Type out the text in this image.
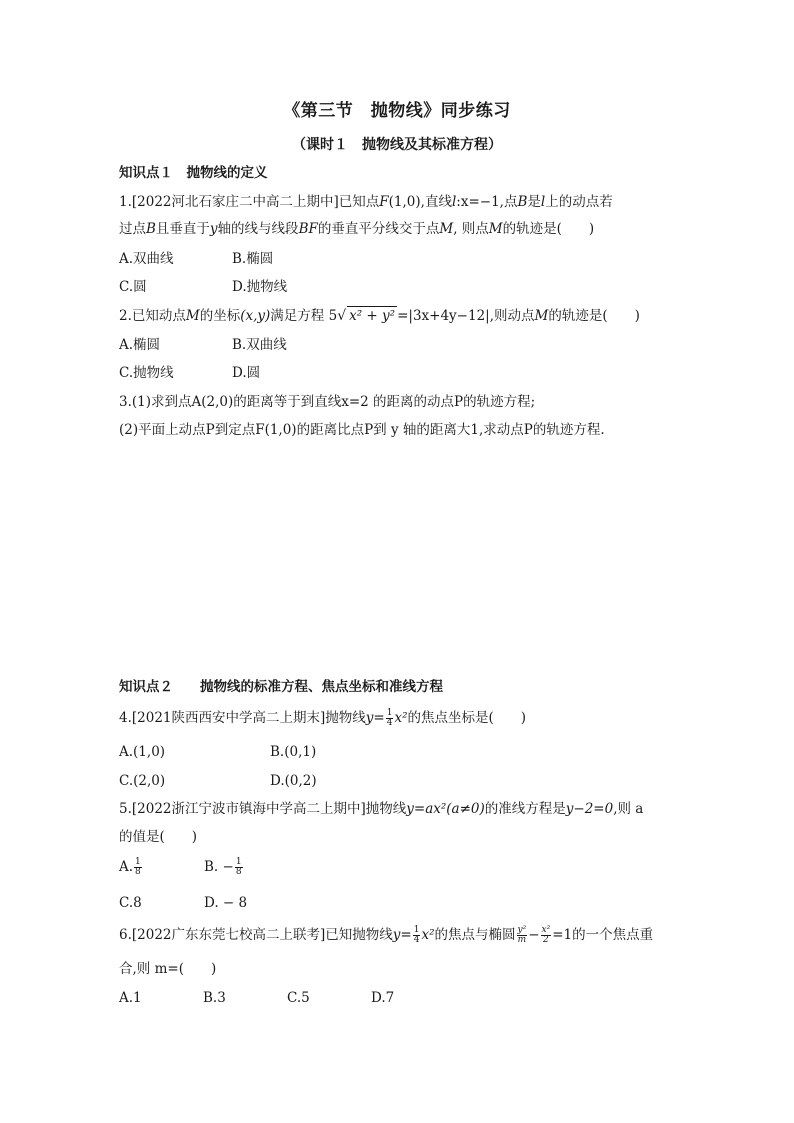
《第三节　抛物线》同步练习
（课时１　抛物线及其标准方程）
知识点１　抛物线的定义
1.[2022河北石家庄二中高二上期中]已知点F(1,0),直线l:x=−1,点B是l上的动点若
过点B且垂直于y轴的线与线段BF的垂直平分线交于点M, 则点M的轨迹是(　　)
A.双曲线	B.椭圆
C.圆	D.抛物线
2.已知动点M的坐标(x,y)满足方程 5√ x² + y² =|3x+4y−12|,则动点M的轨迹是(　　)
A.椭圆	B.双曲线
C.抛物线	D.圆
3.(1)求到点A(2,0)的距离等于到直线x=2 的距离的动点P的轨迹方程;
(2)平面上动点P到定点F(1,0)的距离比点P到 y 轴的距离大1,求动点P的轨迹方程.
知识点２　　抛物线的标准方程、焦点坐标和准线方程
4.[2021陕西西安中学高二上期末]抛物线$y= \frac{1}{4} x^2$的焦点坐标是(　　)
A.(1,0)	B.(0,1)
C.(2,0)	D.(0,2)
5.[2022浙江宁波市镇海中学高二上期中]抛物线y=ax²(a≠0)的准线方程是y−2=0,则 a
的值是(　　)
A. $\frac{1}{8}$	B. − $\frac{1}{8}$
C.8	D. − 8
6.[2022广东东莞七校高二上联考]已知抛物线$y= \frac{1}{4} x^2$的焦点与椭圆 $\frac{\text{y²}}{m} - \frac{\text{x²}}{2} =1$的一个焦点重
合,则 m=(　　)
A.1	B.3	C.5	D.7
